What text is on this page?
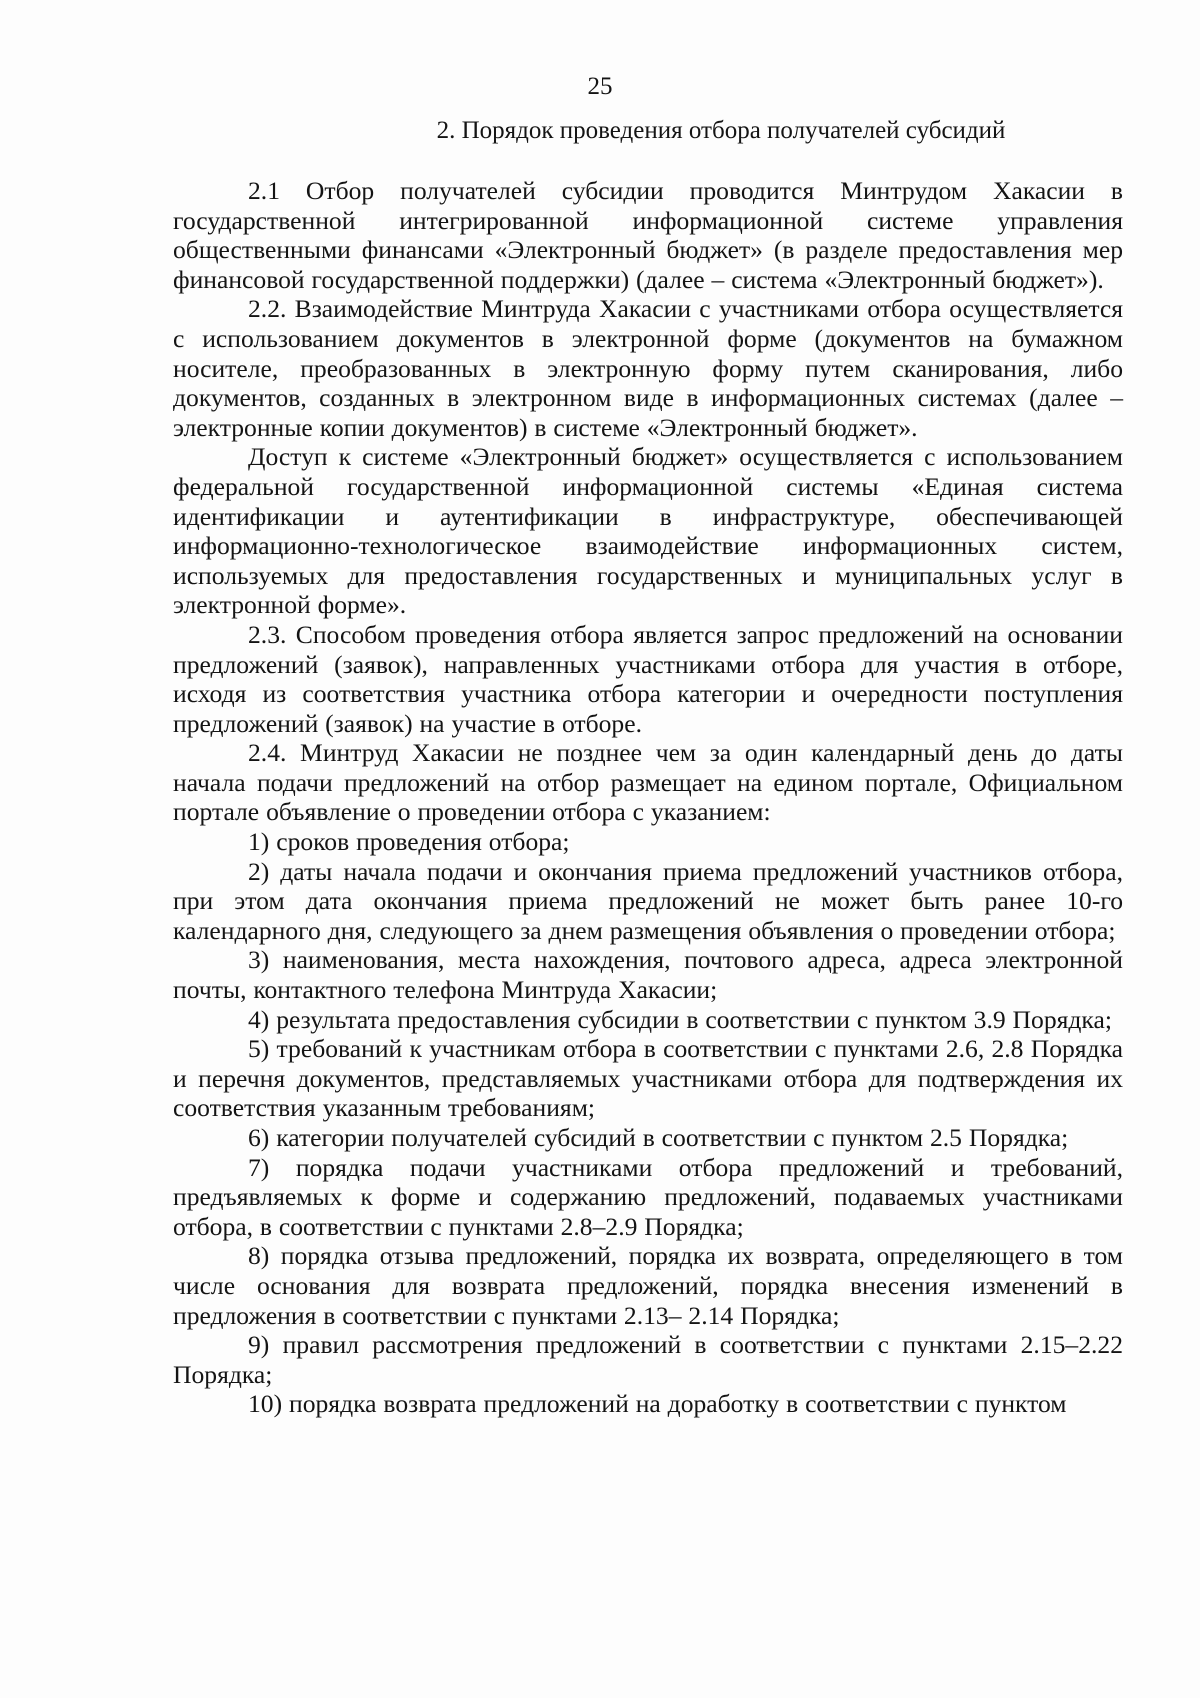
25
2. Порядок проведения отбора получателей субсидий

2.1 Отбор получателей субсидии проводится Минтрудом Хакасии в государственной интегрированной информационной системе управления общественными финансами «Электронный бюджет» (в разделе предоставления мер финансовой государственной поддержки) (далее – система «Электронный бюджет»).

2.2. Взаимодействие Минтруда Хакасии с участниками отбора осуществляется с использованием документов в электронной форме (документов на бумажном носителе, преобразованных в электронную форму путем сканирования, либо документов, созданных в электронном виде в информационных системах (далее – электронные копии документов) в системе «Электронный бюджет».

Доступ к системе «Электронный бюджет» осуществляется с использованием федеральной государственной информационной системы «Единая система идентификации и аутентификации в инфраструктуре, обеспечивающей информационно-технологическое взаимодействие информационных систем, используемых для предоставления государственных и муниципальных услуг в электронной форме».

2.3. Способом проведения отбора является запрос предложений на основании предложений (заявок), направленных участниками отбора для участия в отборе, исходя из соответствия участника отбора категории и очередности поступления предложений (заявок) на участие в отборе.

2.4. Минтруд Хакасии не позднее чем за один календарный день до даты начала подачи предложений на отбор размещает на едином портале, Официальном портале объявление о проведении отбора с указанием:

1) сроков проведения отбора;

2) даты начала подачи и окончания приема предложений участников отбора, при этом дата окончания приема предложений не может быть ранее 10-го календарного дня, следующего за днем размещения объявления о проведении отбора;

3) наименования, места нахождения, почтового адреса, адреса электронной почты, контактного телефона Минтруда Хакасии;

4) результата предоставления субсидии в соответствии с пунктом 3.9 Порядка;

5) требований к участникам отбора в соответствии с пунктами 2.6, 2.8 Порядка и перечня документов, представляемых участниками отбора для подтверждения их соответствия указанным требованиям;

6) категории получателей субсидий в соответствии с пунктом 2.5 Порядка;

7) порядка подачи участниками отбора предложений и требований, предъявляемых к форме и содержанию предложений, подаваемых участниками отбора, в соответствии с пунктами 2.8–2.9 Порядка;

8) порядка отзыва предложений, порядка их возврата, определяющего в том числе основания для возврата предложений, порядка внесения изменений в предложения в соответствии с пунктами 2.13– 2.14 Порядка;

9) правил рассмотрения предложений в соответствии с пунктами 2.15–2.22 Порядка;

10) порядка возврата предложений на доработку в соответствии с пунктом
